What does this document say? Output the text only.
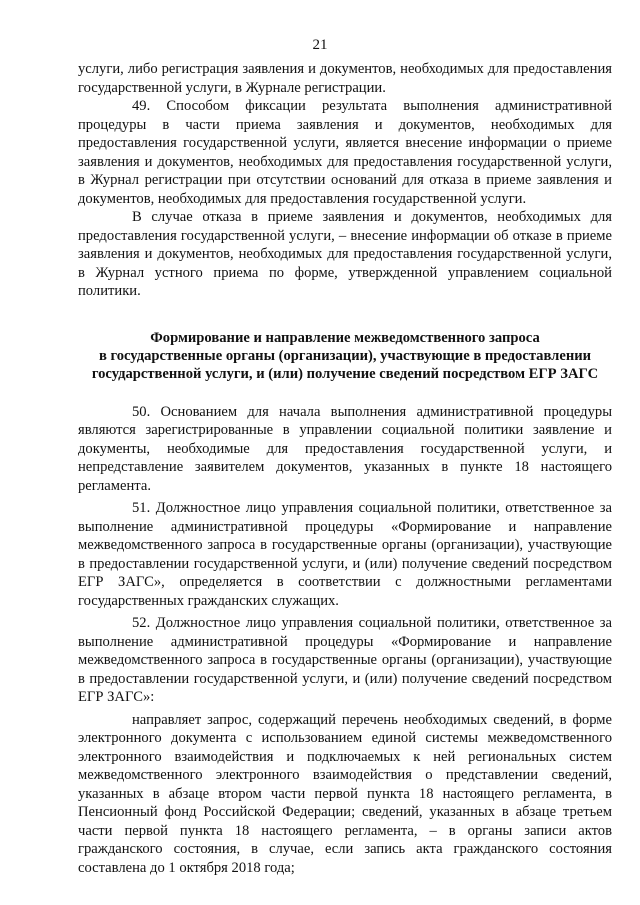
21

услуги, либо регистрация заявления и документов, необходимых для предоставления государственной услуги, в Журнале регистрации.

49. Способом фиксации результата выполнения административной процедуры в части приема заявления и документов, необходимых для предоставления государственной услуги, является внесение информации о приеме заявления и документов, необходимых для предоставления государственной услуги, в Журнал регистрации при отсутствии оснований для отказа в приеме заявления и документов, необходимых для предоставления государственной услуги.

В случае отказа в приеме заявления и документов, необходимых для предоставления государственной услуги, – внесение информации об отказе в приеме заявления и документов, необходимых для предоставления государственной услуги, в Журнал устного приема по форме, утвержденной управлением социальной политики.

Формирование и направление межведомственного запроса
в государственные органы (организации), участвующие в предоставлении
государственной услуги, и (или) получение сведений посредством ЕГР ЗАГС

50. Основанием для начала выполнения административной процедуры являются зарегистрированные в управлении социальной политики заявление и документы, необходимые для предоставления государственной услуги, и непредставление заявителем документов, указанных в пункте 18 настоящего регламента.

51. Должностное лицо управления социальной политики, ответственное за выполнение административной процедуры «Формирование и направление межведомственного запроса в государственные органы (организации), участвующие в предоставлении государственной услуги, и (или) получение сведений посредством ЕГР ЗАГС», определяется в соответствии с должностными регламентами государственных гражданских служащих.

52. Должностное лицо управления социальной политики, ответственное за выполнение административной процедуры «Формирование и направление межведомственного запроса в государственные органы (организации), участвующие в предоставлении государственной услуги, и (или) получение сведений посредством ЕГР ЗАГС»:

направляет запрос, содержащий перечень необходимых сведений, в форме электронного документа с использованием единой системы межведомственного электронного взаимодействия и подключаемых к ней региональных систем межведомственного электронного взаимодействия о представлении сведений, указанных в абзаце втором части первой пункта 18 настоящего регламента, в Пенсионный фонд Российской Федерации; сведений, указанных в абзаце третьем части первой пункта 18 настоящего регламента, – в органы записи актов гражданского состояния, в случае, если запись акта гражданского состояния составлена до 1 октября 2018 года;
